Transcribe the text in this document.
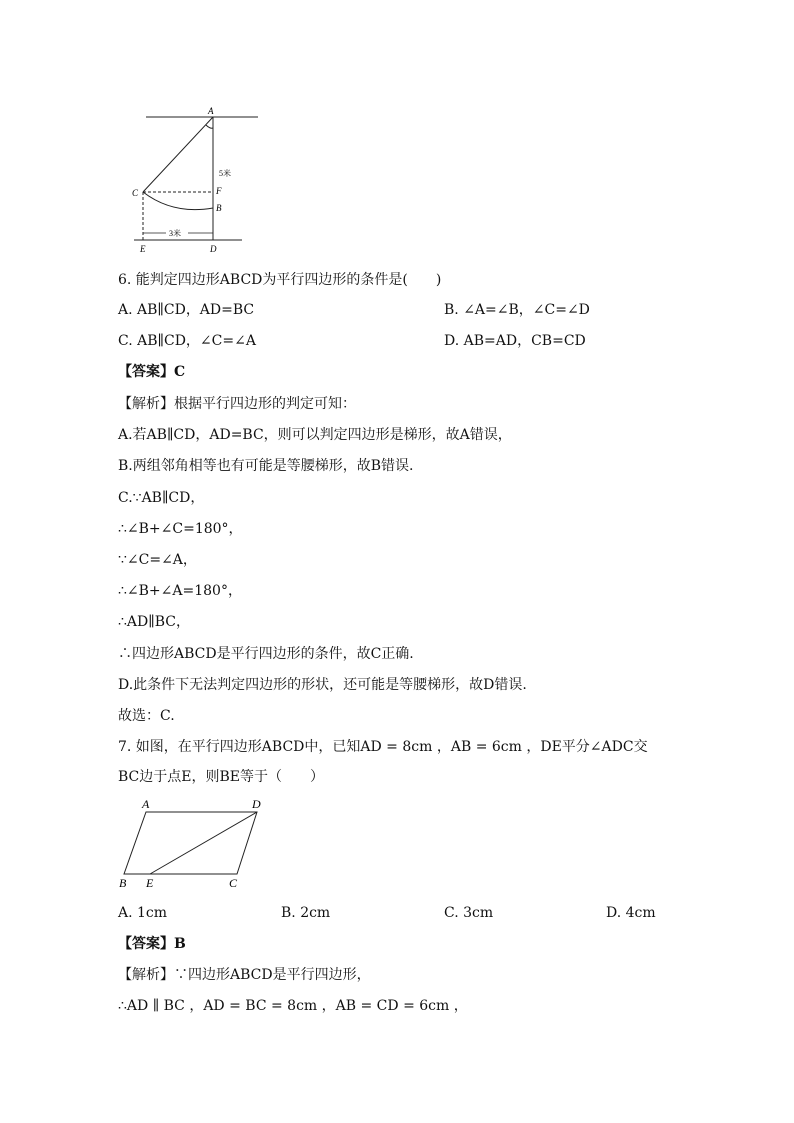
A
C	F
B
E	D
5米
3米
6. 能判定四边形ABCD为平行四边形的条件是(　　)
A. AB∥CD，AD=BC	B. ∠A=∠B，∠C=∠D
C. AB∥CD，∠C=∠A	D. AB=AD，CB=CD
【答案】C
【解析】根据平行四边形的判定可知：
A.若AB∥CD，AD=BC，则可以判定四边形是梯形，故A错误，
B.两组邻角相等也有可能是等腰梯形，故B错误.
C.∵AB∥CD，
∴∠B+∠C=180°，
∵∠C=∠A，
∴∠B+∠A=180°，
∴AD∥BC，
∴四边形ABCD是平行四边形的条件，故C正确.
D.此条件下无法判定四边形的形状，还可能是等腰梯形，故D错误.
故选：C.
7. 如图，在平行四边形ABCD中，已知AD = 8cm ，AB = 6cm ，DE平分∠ADC交
BC边于点E，则BE等于（　　）
A	D
B E	C
A. 1cm	B. 2cm	C. 3cm	D. 4cm
【答案】B
【解析】∵四边形ABCD是平行四边形，
∴AD ∥ BC ，AD = BC = 8cm ，AB = CD = 6cm ，
